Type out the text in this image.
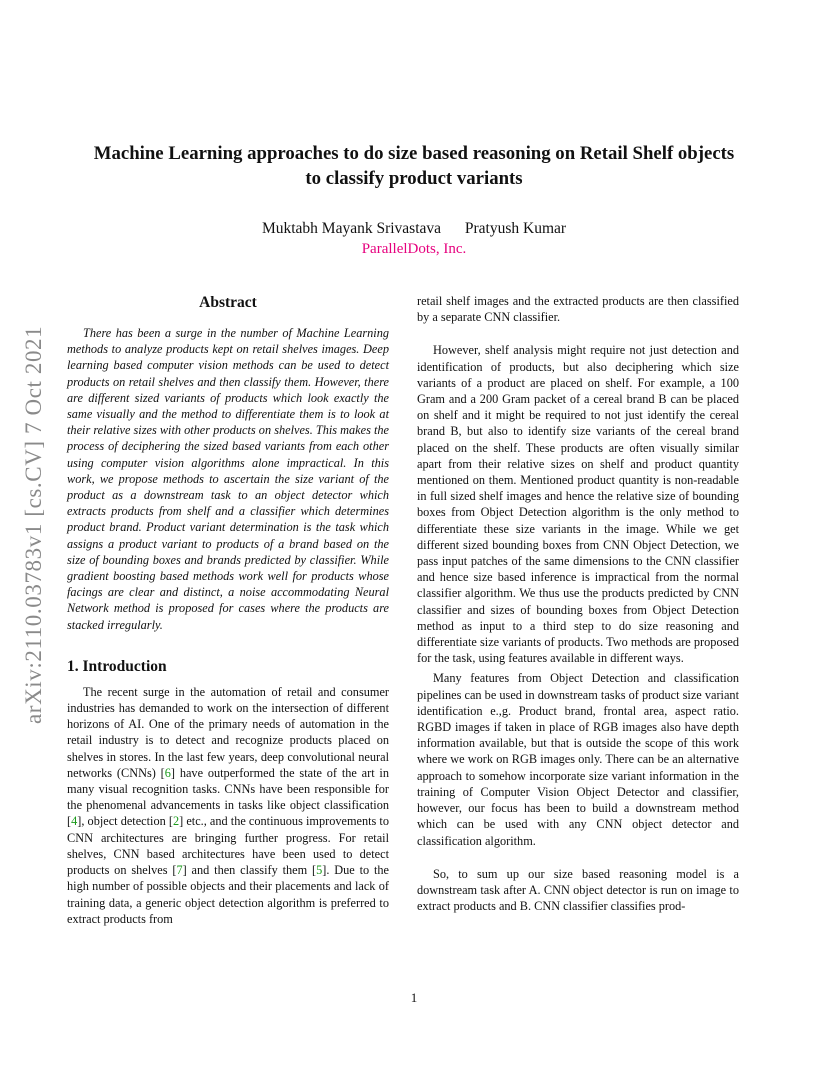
arXiv:2110.03783v1 [cs.CV] 7 Oct 2021
Machine Learning approaches to do size based reasoning on Retail Shelf objects
to classify product variants

Muktabh Mayank Srivastava Pratyush Kumar

ParallelDots, Inc.

Abstract

There has been a surge in the number of Machine Learning methods to analyze products kept on retail shelves images. Deep learning based computer vision methods can be used to detect products on retail shelves and then classify them. However, there are different sized variants of products which look exactly the same visually and the method to differentiate them is to look at their relative sizes with other products on shelves. This makes the process of deciphering the sized based variants from each other using computer vision algorithms alone impractical. In this work, we propose methods to ascertain the size variant of the product as a downstream task to an object detector which extracts products from shelf and a classifier which determines product brand. Product variant determination is the task which assigns a product variant to products of a brand based on the size of bounding boxes and brands predicted by classifier. While gradient boosting based methods work well for products whose facings are clear and distinct, a noise accommodating Neural Network method is proposed for cases where the products are stacked irregularly.

1. Introduction

The recent surge in the automation of retail and consumer industries has demanded to work on the intersection of different horizons of AI. One of the primary needs of automation in the retail industry is to detect and recognize products placed on shelves in stores. In the last few years, deep convolutional neural networks (CNNs) [6] have outperformed the state of the art in many visual recognition tasks. CNNs have been responsible for the phenomenal advancements in tasks like object classification [4], object detection [2] etc., and the continuous improvements to CNN architectures are bringing further progress. For retail shelves, CNN based architectures have been used to detect products on shelves [7] and then classify them [5]. Due to the high number of possible objects and their placements and lack of training data, a generic object detection algorithm is preferred to extract products from

retail shelf images and the extracted products are then classified by a separate CNN classifier.

However, shelf analysis might require not just detection and identification of products, but also deciphering which size variants of a product are placed on shelf. For example, a 100 Gram and a 200 Gram packet of a cereal brand B can be placed on shelf and it might be required to not just identify the cereal brand B, but also to identify size variants of the cereal brand placed on the shelf. These products are often visually similar apart from their relative sizes on shelf and product quantity mentioned on them. Mentioned product quantity is non-readable in full sized shelf images and hence the relative size of bounding boxes from Object Detection algorithm is the only method to differentiate these size variants in the image. While we get different sized bounding boxes from CNN Object Detection, we pass input patches of the same dimensions to the CNN classifier and hence size based inference is impractical from the normal classifier algorithm. We thus use the products predicted by CNN classifier and sizes of bounding boxes from Object Detection method as input to a third step to do size reasoning and differentiate size variants of products. Two methods are proposed for the task, using features available in different ways.

Many features from Object Detection and classification pipelines can be used in downstream tasks of product size variant identification e.,g. Product brand, frontal area, aspect ratio. RGBD images if taken in place of RGB images also have depth information available, but that is outside the scope of this work where we work on RGB images only. There can be an alternative approach to somehow incorporate size variant information in the training of Computer Vision Object Detector and classifier, however, our focus has been to build a downstream method which can be used with any CNN object detector and classification algorithm.

So, to sum up our size based reasoning model is a downstream task after A. CNN object detector is run on image to extract products and B. CNN classifier classifies prod-

1
